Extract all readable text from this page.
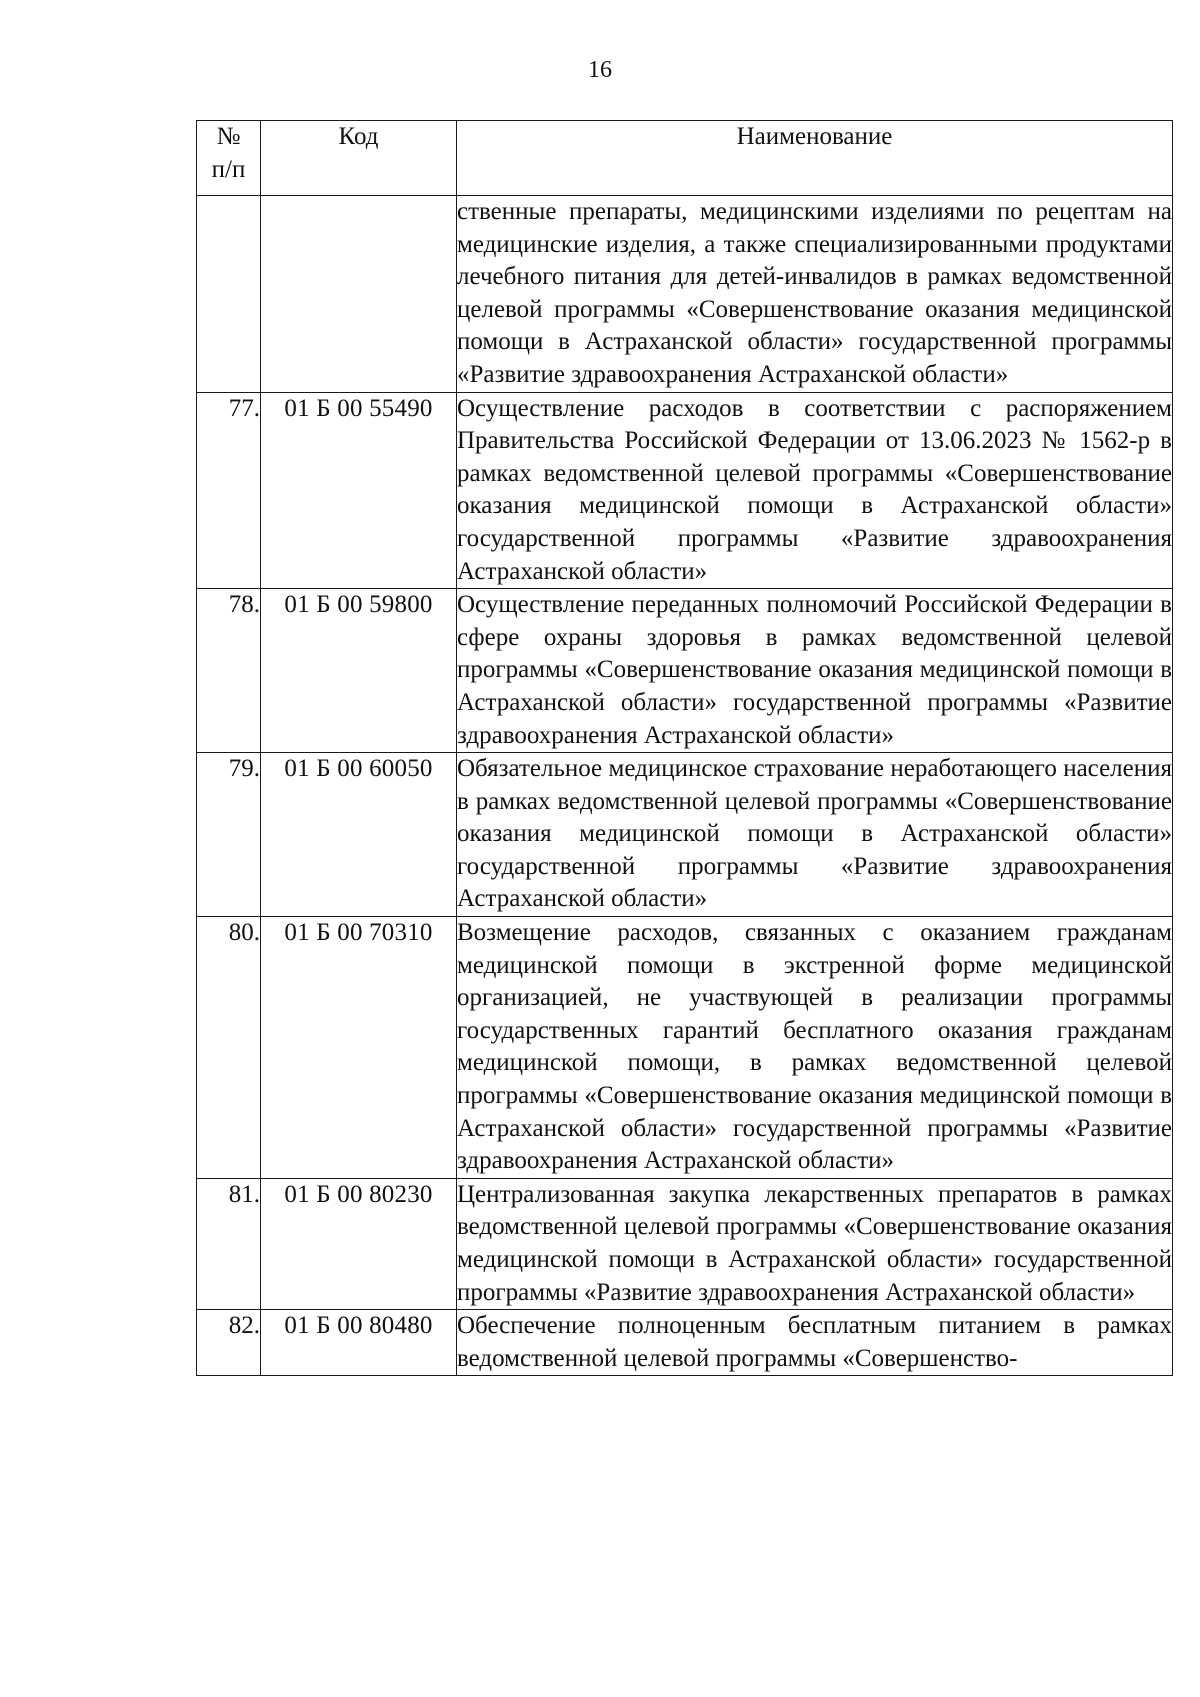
16
№
п/п	Код	Наименование

		ственные препараты, медицинскими изделиями по рецептам на медицинские изделия, а также специализированными продуктами лечебного питания для детей-инвалидов в рамках ведомственной целевой программы «Совершенствование оказания медицинской помощи в Астраханской области» государственной программы «Развитие здравоохранения Астраханской области»

77.	01 Б 00 55490	Осуществление расходов в соответствии с распоряжением Правительства Российской Федерации от 13.06.2023 № 1562-р в рамках ведомственной целевой программы «Совершенствование оказания медицинской помощи в Астраханской области» государственной программы «Развитие здравоохранения Астраханской области»

78.	01 Б 00 59800	Осуществление переданных полномочий Российской Федерации в сфере охраны здоровья в рамках ведомственной целевой программы «Совершенствование оказания медицинской помощи в Астраханской области» государственной программы «Развитие здравоохранения Астраханской области»

79.	01 Б 00 60050	Обязательное медицинское страхование неработающего населения в рамках ведомственной целевой программы «Совершенствование оказания медицинской помощи в Астраханской области» государственной программы «Развитие здравоохранения Астраханской области»

80.	01 Б 00 70310	Возмещение расходов, связанных с оказанием гражданам медицинской помощи в экстренной форме медицинской организацией, не участвующей в реализации программы государственных гарантий бесплатного оказания гражданам медицинской помощи, в рамках ведомственной целевой программы «Совершенствование оказания медицинской помощи в Астраханской области» государственной программы «Развитие здравоохранения Астраханской области»

81.	01 Б 00 80230	Централизованная закупка лекарственных препаратов в рамках ведомственной целевой программы «Совершенствование оказания медицинской помощи в Астраханской области» государственной программы «Развитие здравоохранения Астраханской области»

82.	01 Б 00 80480	Обеспечение полноценным бесплатным питанием в рамках ведомственной целевой программы «Совершенство-
